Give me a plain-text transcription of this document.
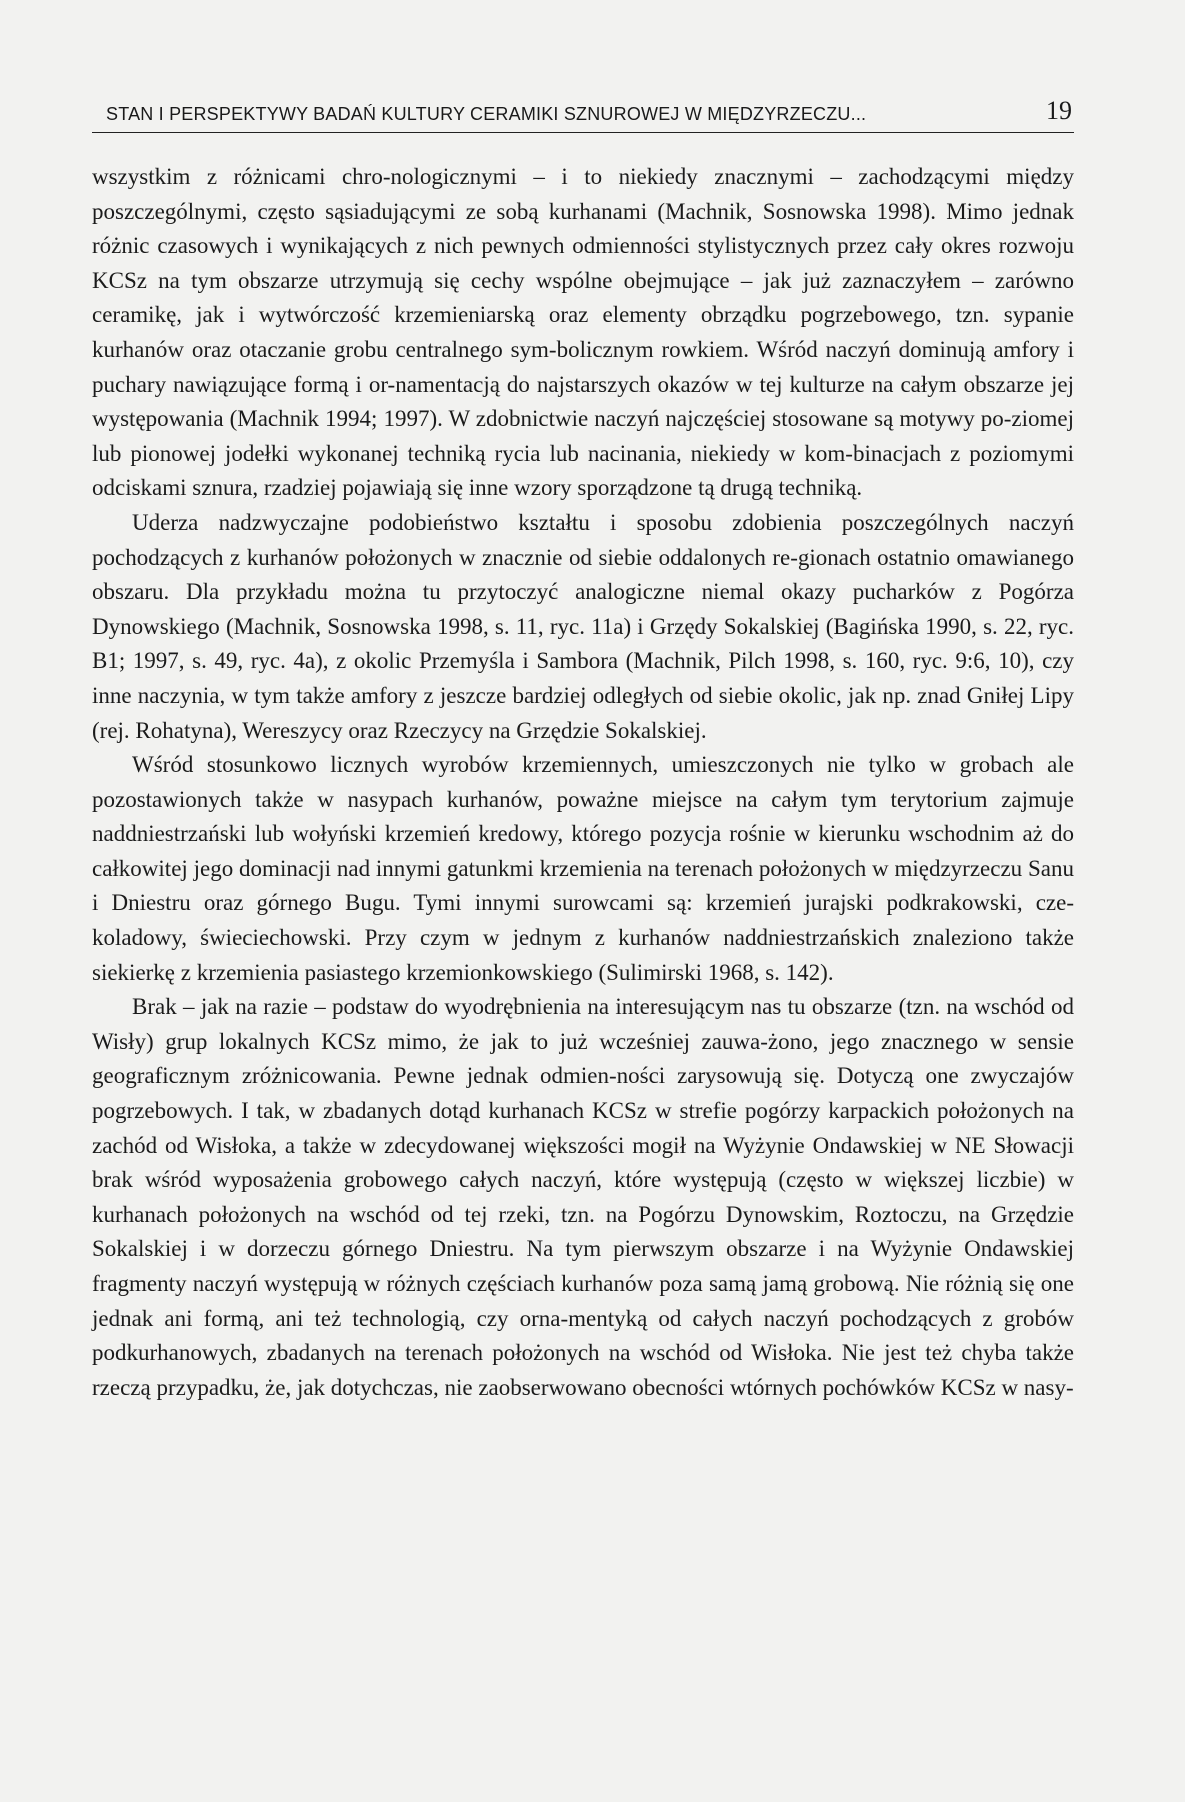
STAN I PERSPEKTYWY BADAŃ KULTURY CERAMIKI SZNUROWEJ W MIĘDZYRZECZU...	19

wszystkim z różnicami chro-nologicznymi – i to niekiedy znacznymi – zachodzącymi między poszczególnymi, często sąsiadującymi ze sobą kurhanami (Machnik, Sosnowska 1998). Mimo jednak różnic czasowych i wynikających z nich pewnych odmienności stylistycznych przez cały okres rozwoju KCSz na tym obszarze utrzymują się cechy wspólne obejmujące – jak już zaznaczyłem – zarówno ceramikę, jak i wytwórczość krzemieniarską oraz elementy obrządku pogrzebowego, tzn. sypanie kurhanów oraz otaczanie grobu centralnego sym-bolicznym rowkiem. Wśród naczyń dominują amfory i puchary nawiązujące formą i or-namentacją do najstarszych okazów w tej kulturze na całym obszarze jej występowania (Machnik 1994; 1997). W zdobnictwie naczyń najczęściej stosowane są motywy po-ziomej lub pionowej jodełki wykonanej techniką rycia lub nacinania, niekiedy w kom-binacjach z poziomymi odciskami sznura, rzadziej pojawiają się inne wzory sporządzone tą drugą techniką.

Uderza nadzwyczajne podobieństwo kształtu i sposobu zdobienia poszczególnych naczyń pochodzących z kurhanów położonych w znacznie od siebie oddalonych re-gionach ostatnio omawianego obszaru. Dla przykładu można tu przytoczyć analogiczne niemal okazy pucharków z Pogórza Dynowskiego (Machnik, Sosnowska 1998, s. 11, ryc. 11a) i Grzędy Sokalskiej (Bagińska 1990, s. 22, ryc. B1; 1997, s. 49, ryc. 4a), z okolic Przemyśla i Sambora (Machnik, Pilch 1998, s. 160, ryc. 9:6, 10), czy inne naczynia, w tym także amfory z jeszcze bardziej odległych od siebie okolic, jak np. znad Gniłej Lipy (rej. Rohatyna), Wereszycy oraz Rzeczycy na Grzędzie Sokalskiej.

Wśród stosunkowo licznych wyrobów krzemiennych, umieszczonych nie tylko w grobach ale pozostawionych także w nasypach kurhanów, poważne miejsce na całym tym terytorium zajmuje naddniestrzański lub wołyński krzemień kredowy, którego pozycja rośnie w kierunku wschodnim aż do całkowitej jego dominacji nad innymi gatunkmi krzemienia na terenach położonych w międzyrzeczu Sanu i Dniestru oraz górnego Bugu. Tymi innymi surowcami są: krzemień jurajski podkrakowski, cze-koladowy, świeciechowski. Przy czym w jednym z kurhanów naddniestrzańskich znaleziono także siekierkę z krzemienia pasiastego krzemionkowskiego (Sulimirski 1968, s. 142).

Brak – jak na razie – podstaw do wyodrębnienia na interesującym nas tu obszarze (tzn. na wschód od Wisły) grup lokalnych KCSz mimo, że jak to już wcześniej zauwa-żono, jego znacznego w sensie geograficznym zróżnicowania. Pewne jednak odmien-ności zarysowują się. Dotyczą one zwyczajów pogrzebowych. I tak, w zbadanych dotąd kurhanach KCSz w strefie pogórzy karpackich położonych na zachód od Wisłoka, a także w zdecydowanej większości mogił na Wyżynie Ondawskiej w NE Słowacji brak wśród wyposażenia grobowego całych naczyń, które występują (często w większej liczbie) w kurhanach położonych na wschód od tej rzeki, tzn. na Pogórzu Dynowskim, Roztoczu, na Grzędzie Sokalskiej i w dorzeczu górnego Dniestru. Na tym pierwszym obszarze i na Wyżynie Ondawskiej fragmenty naczyń występują w różnych częściach kurhanów poza samą jamą grobową. Nie różnią się one jednak ani formą, ani też technologią, czy orna-mentyką od całych naczyń pochodzących z grobów podkurhanowych, zbadanych na terenach położonych na wschód od Wisłoka. Nie jest też chyba także rzeczą przypadku, że, jak dotychczas, nie zaobserwowano obecności wtórnych pochówków KCSz w nasy-
